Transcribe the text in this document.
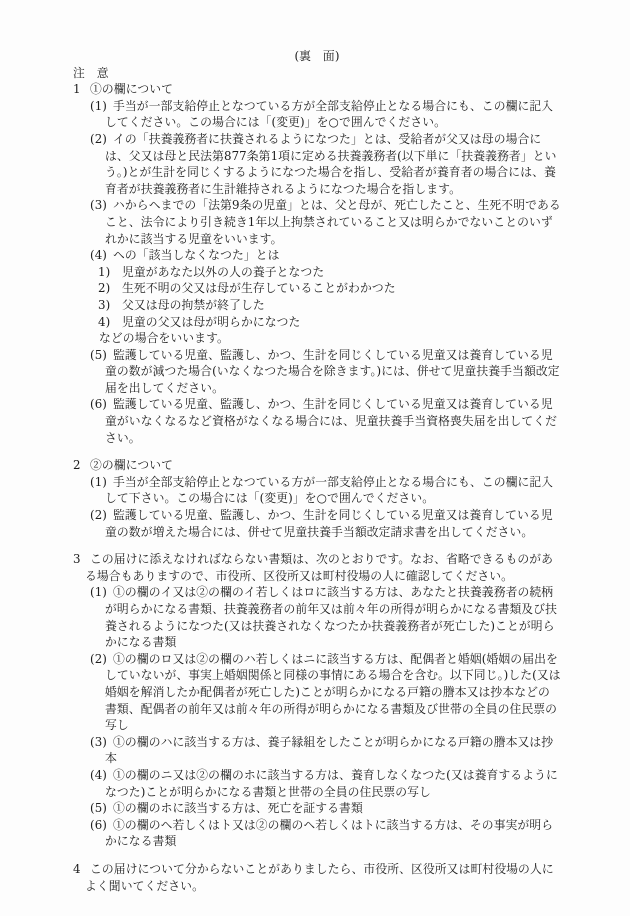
(裏　面)
注　意
1 ①の欄について
(1) 手当が一部支給停止となつている方が全部支給停止となる場合にも、この欄に記入してください。この場合には「(変更)」を○で囲んでください。
(2) イの「扶養義務者に扶養されるようになつた」とは、受給者が父又は母の場合には、父又は母と民法第877条第1項に定める扶養義務者(以下単に「扶養義務者」という。)とが生計を同じくするようになつた場合を指し、受給者が養育者の場合には、養育者が扶養義務者に生計維持されるようになつた場合を指します。
(3) ハからヘまでの「法第9条の児童」とは、父と母が、死亡したこと、生死不明であること、法令により引き続き1年以上拘禁されていること又は明らかでないことのいずれかに該当する児童をいいます。
(4) ヘの「該当しなくなつた」とは
1) 児童があなた以外の人の養子となつた
2) 生死不明の父又は母が生存していることがわかつた
3) 父又は母の拘禁が終了した
4) 児童の父又は母が明らかになつた
などの場合をいいます。
(5) 監護している児童、監護し、かつ、生計を同じくしている児童又は養育している児童の数が減つた場合(いなくなつた場合を除きます。)には、併せて児童扶養手当額改定届を出してください。
(6) 監護している児童、監護し、かつ、生計を同じくしている児童又は養育している児童がいなくなるなど資格がなくなる場合には、児童扶養手当資格喪失届を出してください。
2 ②の欄について
(1) 手当が全部支給停止となつている方が一部支給停止となる場合にも、この欄に記入して下さい。この場合には「(変更)」を○で囲んでください。
(2) 監護している児童、監護し、かつ、生計を同じくしている児童又は養育している児童の数が増えた場合には、併せて児童扶養手当額改定請求書を出してください。
3 この届けに添えなければならない書類は、次のとおりです。なお、省略できるものがある場合もありますので、市役所、区役所又は町村役場の人に確認してください。
(1) ①の欄のイ又は②の欄のイ若しくはロに該当する方は、あなたと扶養義務者の続柄が明らかになる書類、扶養義務者の前年又は前々年の所得が明らかになる書類及び扶養されるようになつた(又は扶養されなくなつたか扶養義務者が死亡した)ことが明らかになる書類
(2) ①の欄のロ又は②の欄のハ若しくはニに該当する方は、配偶者と婚姻(婚姻の届出をしていないが、事実上婚姻関係と同様の事情にある場合を含む。以下同じ。)した(又は婚姻を解消したか配偶者が死亡した)ことが明らかになる戸籍の謄本又は抄本などの書類、配偶者の前年又は前々年の所得が明らかになる書類及び世帯の全員の住民票の写し
(3) ①の欄のハに該当する方は、養子縁組をしたことが明らかになる戸籍の謄本又は抄本
(4) ①の欄のニ又は②の欄のホに該当する方は、養育しなくなつた(又は養育するようになつた)ことが明らかになる書類と世帯の全員の住民票の写し
(5) ①の欄のホに該当する方は、死亡を証する書類
(6) ①の欄のヘ若しくはト又は②の欄のヘ若しくはトに該当する方は、その事実が明らかになる書類
4 この届けについて分からないことがありましたら、市役所、区役所又は町村役場の人によく聞いてください。
